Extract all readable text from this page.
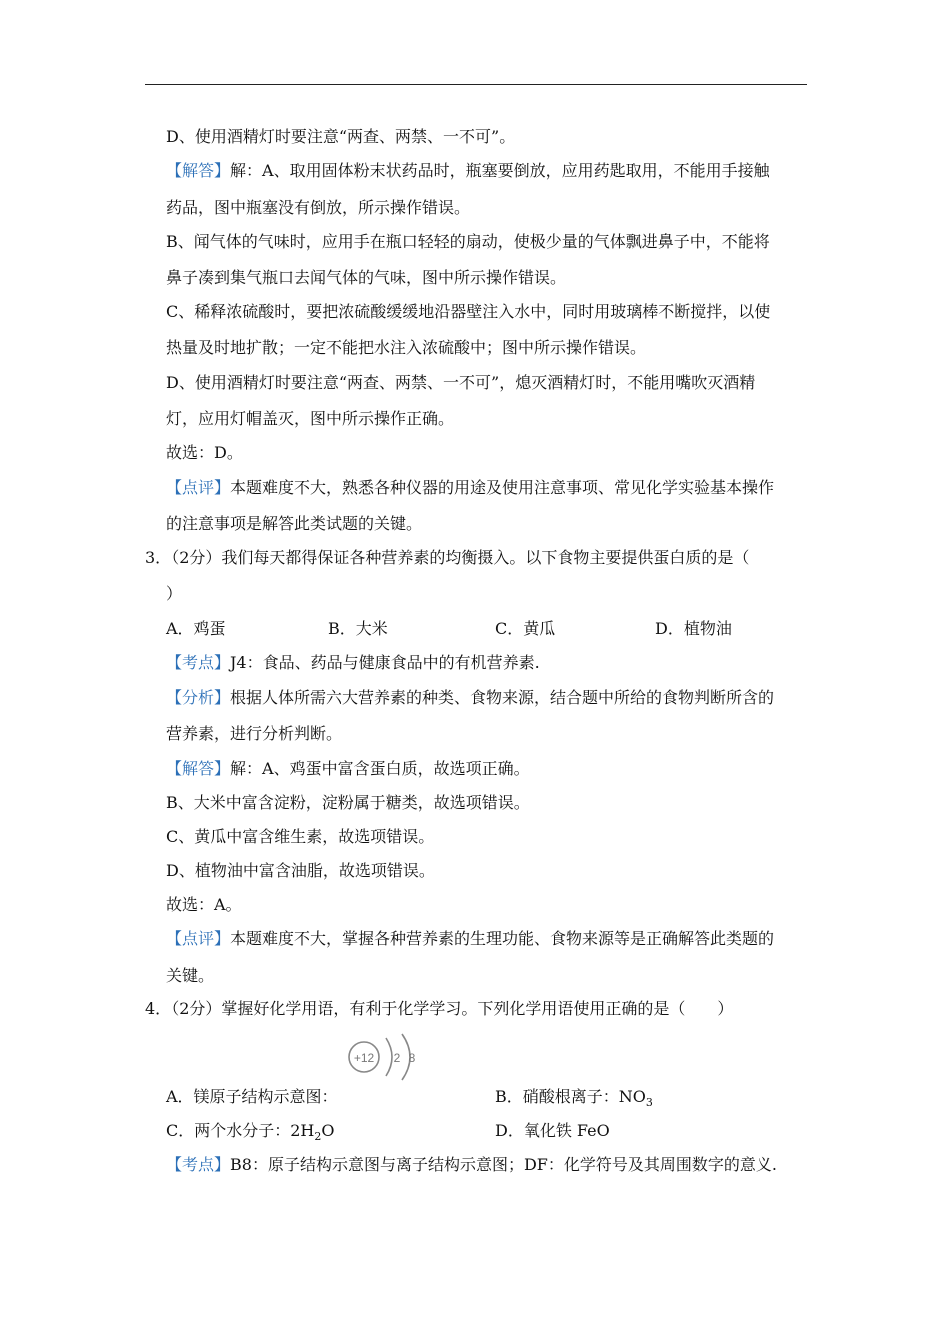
D、使用酒精灯时要注意“两查、两禁、一不可”。
【解答】解：A、取用固体粉末状药品时，瓶塞要倒放，应用药匙取用，不能用手接触
药品，图中瓶塞没有倒放，所示操作错误。
B、闻气体的气味时，应用手在瓶口轻轻的扇动，使极少量的气体飘进鼻子中，不能将
鼻子凑到集气瓶口去闻气体的气味，图中所示操作错误。
C、稀释浓硫酸时，要把浓硫酸缓缓地沿器壁注入水中，同时用玻璃棒不断搅拌，以使
热量及时地扩散；一定不能把水注入浓硫酸中；图中所示操作错误。
D、使用酒精灯时要注意“两查、两禁、一不可”，熄灭酒精灯时，不能用嘴吹灭酒精
灯，应用灯帽盖灭，图中所示操作正确。
故选：D。
【点评】本题难度不大，熟悉各种仪器的用途及使用注意事项、常见化学实验基本操作
的注意事项是解答此类试题的关键。
3．（2分）我们每天都得保证各种营养素的均衡摄入。以下食物主要提供蛋白质的是（
）
A．鸡蛋	B．大米	C．黄瓜	D．植物油
【考点】J4：食品、药品与健康食品中的有机营养素.
【分析】根据人体所需六大营养素的种类、食物来源，结合题中所给的食物判断所含的
营养素，进行分析判断。
【解答】解：A、鸡蛋中富含蛋白质，故选项正确。
B、大米中富含淀粉，淀粉属于糖类，故选项错误。
C、黄瓜中富含维生素，故选项错误。
D、植物油中富含油脂，故选项错误。
故选：A。
【点评】本题难度不大，掌握各种营养素的生理功能、食物来源等是正确解答此类题的
关键。
4．（2分）掌握好化学用语，有利于化学学习。下列化学用语使用正确的是（　　）
+12 2 8
A．镁原子结构示意图：	B．硝酸根离子：$NO_3$
C．两个水分子：$2H_2O$	D．氧化铁 FeO
【考点】B8：原子结构示意图与离子结构示意图；DF：化学符号及其周围数字的意义.
